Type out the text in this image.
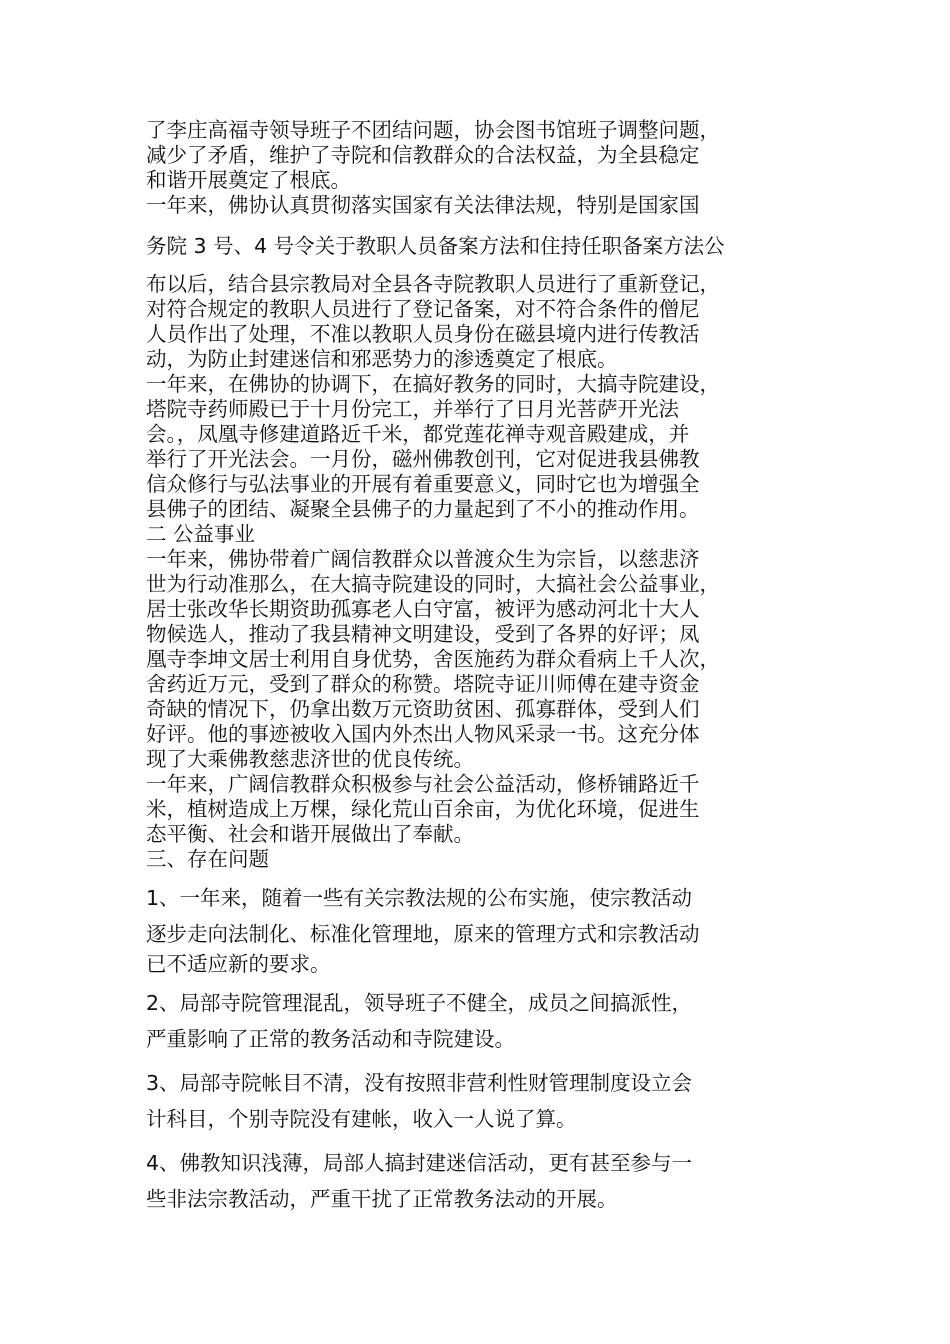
了李庄高福寺领导班子不团结问题，协会图书馆班子调整问题，
减少了矛盾，维护了寺院和信教群众的合法权益，为全县稳定
和谐开展奠定了根底。
一年来，佛协认真贯彻落实国家有关法律法规，特别是国家国
务院 3 号、4 号令关于教职人员备案方法和住持任职备案方法公
布以后，结合县宗教局对全县各寺院教职人员进行了重新登记，
对符合规定的教职人员进行了登记备案，对不符合条件的僧尼
人员作出了处理，不准以教职人员身份在磁县境内进行传教活
动，为防止封建迷信和邪恶势力的渗透奠定了根底。
一年来，在佛协的协调下，在搞好教务的同时，大搞寺院建设，
塔院寺药师殿已于十月份完工，并举行了日月光菩萨开光法
会。，凤凰寺修建道路近千米，都党莲花禅寺观音殿建成，并
举行了开光法会。一月份，磁州佛教创刊，它对促进我县佛教
信众修行与弘法事业的开展有着重要意义，同时它也为增强全
县佛子的团结、凝聚全县佛子的力量起到了不小的推动作用。
二 公益事业
一年来，佛协带着广阔信教群众以普渡众生为宗旨，以慈悲济
世为行动准那么，在大搞寺院建设的同时，大搞社会公益事业，
居士张改华长期资助孤寡老人白守富，被评为感动河北十大人
物候选人，推动了我县精神文明建设，受到了各界的好评；凤
凰寺李坤文居士利用自身优势，舍医施药为群众看病上千人次，
舍药近万元，受到了群众的称赞。塔院寺证川师傅在建寺资金
奇缺的情况下，仍拿出数万元资助贫困、孤寡群体，受到人们
好评。他的事迹被收入国内外杰出人物风采录一书。这充分体
现了大乘佛教慈悲济世的优良传统。
一年来，广阔信教群众积极参与社会公益活动，修桥铺路近千
米，植树造成上万棵，绿化荒山百余亩，为优化环境，促进生
态平衡、社会和谐开展做出了奉献。
三、存在问题
1、一年来，随着一些有关宗教法规的公布实施，使宗教活动
逐步走向法制化、标准化管理地，原来的管理方式和宗教活动
已不适应新的要求。
2、局部寺院管理混乱，领导班子不健全，成员之间搞派性，
严重影响了正常的教务活动和寺院建设。
3、局部寺院帐目不清，没有按照非营利性财管理制度设立会
计科目，个别寺院没有建帐，收入一人说了算。
4、佛教知识浅薄，局部人搞封建迷信活动，更有甚至参与一
些非法宗教活动，严重干扰了正常教务法动的开展。
